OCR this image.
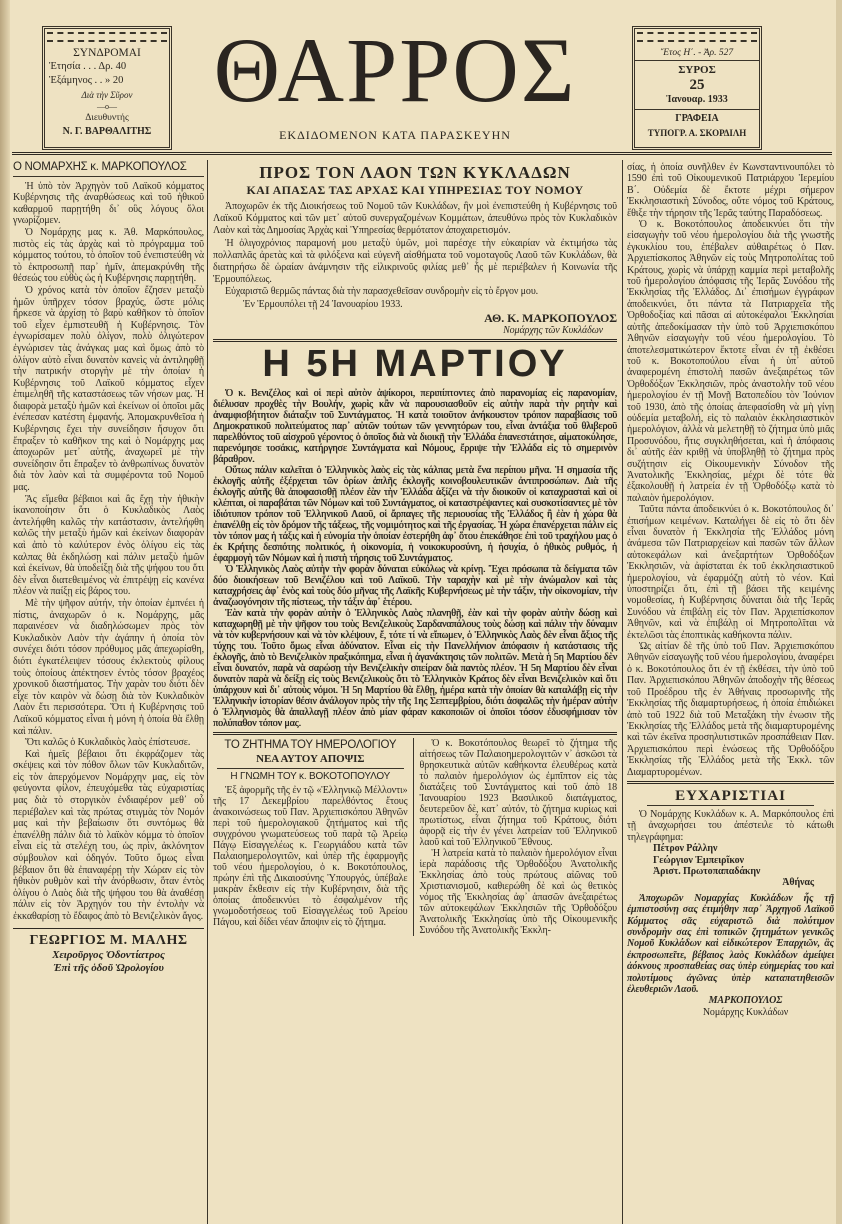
ΣΥΝΔΡΟΜΑΙ
Ἐτησία . . . Δρ. 40
Ἑξάμηνος . . » 20
Διὰ τὴν Σῦρον
—o—
Διευθυντής
Ν. Γ. ΒΑΡΘΑΛΙΤΗΣ
ΘΑΡΡΟΣ
ΕΚΔΙΔΟΜΕΝΟΝ ΚΑΤΑ ΠΑΡΑΣΚΕΥΗΝ
Ἔτος Η΄. - Ἀρ. 527
ΣΥΡΟΣ
25
Ἰανουαρ. 1933
ΓΡΑΦΕΙΑ
ΤΥΠΟΓΡ. Α. ΣΚΟΡΔΙΛΗ
Ο ΝΟΜΑΡΧΗΣ κ. ΜΑΡΚΟΠΟΥΛΟΣ

Ἡ ὑπὸ τὸν Ἀρχηγὸν τοῦ Λαϊκοῦ κόμματος Κυβέρνησις τῆς ἀναρθώσεως καὶ τοῦ ἠθικοῦ καθαρμοῦ παρῃτήθη δι᾽ οὓς λόγους ὅλοι γνωρίζομεν.

Ὁ Νομάρχης μας κ. Ἀθ. Μαρκόπουλος, πιστὸς εἰς τὰς ἀρχὰς καὶ τὸ πρόγραμμα τοῦ κόμματος τούτου, τὸ ὁποῖον τοῦ ἐνεπιστεύθη νὰ τὸ ἐκπροσωπῇ παρ᾽ ἡμῖν, ἀπεμακρύνθη τῆς θέσεώς του εὐθὺς ὡς ἡ Κυβέρνησις παρῃτήθη.

Ὁ χρόνος κατὰ τὸν ὁποῖον ἔζησεν μεταξὺ ἡμῶν ὑπῆρχεν τόσον βραχύς, ὥστε μόλις ἤρκεσε νὰ ἀρχίσῃ τὸ βαρὺ καθῆκον τὸ ὁποῖον τοῦ εἶχεν ἐμπιστευθῆ ἡ Κυβέρνησις. Τὸν ἐγνωρίσαμεν πολὺ ὀλίγον, πολὺ ὀλιγώτερον ἐγνώρισεν τὰς ἀνάγκας μας καὶ ὅμως ἀπὸ τὸ ὀλίγον αὐτὸ εἶναι δυνατὸν κανεὶς νὰ ἀντιληφθῇ τὴν πατρικήν στοργὴν μὲ τὴν ὁποίαν ἡ Κυβέρνησις τοῦ Λαϊκοῦ κόμματος εἶχεν ἐπιμεληθῆ τῆς καταστάσεως τῶν νήσων μας. Ἡ διαφορὰ μεταξὺ ἡμῶν καὶ ἐκείνων οἱ ὁποῖοι μᾶς ἐνέπεσαν κατέστη ἐμφανής. Ἀπομακρυνθεῖσα ἡ Κυβέρνησις ἔχει τὴν συνείδησιν ἥσυχον ὅτι ἔπραξεν τὸ καθῆκον της καὶ ὁ Νομάρχης μας ἀποχωρῶν μετ᾽ αὐτῆς, ἀναχωρεῖ μὲ τὴν συνείδησιν ὅτι ἔπραξεν τὸ ἀνθρωπίνως δυνατὸν διὰ τὸν λαὸν καὶ τὰ συμφέροντα τοῦ Νομοῦ μας.

Ἂς εἴμεθα βέβαιοι καὶ ἂς ἔχῃ τὴν ἠθικὴν ἱκανοποίησιν ὅτι ὁ Κυκλαδικὸς Λαὸς ἀντελήφθη καλῶς τὴν κατάστασιν, ἀντελήφθη καλῶς τὴν μεταξὺ ἡμῶν καὶ ἐκείνων διαφορὰν καὶ ἀπὸ τὸ καλύτερον ἐνὸς ὀλίγου εἰς τὰς καλπας θὰ ἐκδηλώσῃ καὶ πάλιν μεταξὺ ἡμῶν καὶ ἐκείνων, θὰ ὑποδείξῃ διὰ τῆς ψήφου του ὅτι δὲν εἶναι διατεθειμένος νὰ ἐπιτρέψῃ εἰς κανένα πλέον νὰ παίξῃ εἰς βάρος του.

Μὲ τὴν ψῆφον αὐτήν, τὴν ὁποίαν ἐμπνέει ἡ πίστις, ἀναχωρῶν ὁ κ. Νομάρχης, μᾶς παραινέσεν νὰ διαδηλώσωμεν πρὸς τὸν Κυκλαδικὸν Λαὸν τὴν ἀγάπην ἡ ὁποία τὸν συνέχει διότι τόσον πρόθυμος μᾶς ἀπεχωρίσθη, διότι ἐγκατέλειψεν τόσους ἐκλεκτοὺς φίλους τοὺς ὁποίους ἀπέκτησεν ἐντὸς τόσον βραχέος χρονικοῦ διαστήματος. Τὴν χαρὰν του διότι δὲν εἶχε τὸν καιρὸν νὰ δώσῃ διὰ τὸν Κυκλαδικὸν Λαὸν ἔτι περισσότερα. Ὅτι ἡ Κυβέρνησις τοῦ Λαϊκοῦ κόμματος εἶναι ἡ μόνη ἡ ὁποία θὰ ἔλθῃ καὶ πάλιν.

Ὅτι καλῶς ὁ Κυκλαδικὸς λαὸς ἐπίστευσε.

Καὶ ἡμεῖς βέβαιοι ὅτι ἐκφράζομεν τὰς σκέψεις καὶ τὸν πόθον ὅλων τῶν Κυκλαδιτῶν, εἰς τὸν ἀπερχόμενον Νομάρχην μας, εἰς τὸν φεύγοντα φίλον, ἐπευχόμεθα τὰς εὐχαριστίας μας διὰ τὸ στοργικὸν ἐνδιαφέρον μεθ᾽ οὗ περιέβαλεν καὶ τὰς πρώτας στιγμὰς τὸν Νομόν μας καὶ τὴν βεβαίωσιν ὅτι συντόμως θὰ ἐπανέλθῃ πάλιν διὰ τὸ λαϊκὸν κόμμα τὸ ὁποῖον εἶναι εἰς τὰ στελέχη του, ὡς πρὶν, ἀκλόνητον σύμβουλον καὶ ὁδηγόν. Τοῦτο ὅμως εἶναι βέβαιον ὅτι θὰ ἐπαναφέρῃ τὴν Χώραν εἰς τὸν ἠθικὸν ρυθμὸν καὶ τὴν ἀνόρθωσιν, ὅταν ἐντὸς ὀλίγου ὁ Λαὸς διὰ τῆς ψήφου του θὰ ἀναθέσῃ πάλιν εἰς τὸν Ἀρχηγόν του τὴν ἐντολὴν νὰ ἐκκαθαρίσῃ τὸ ἔδαφος ἀπὸ τὸ Βενιζελικὸν ἄγος.

ΓΕΩΡΓΙΟΣ Μ. ΜΑΛΗΣ
Χειροῦργος Ὀδοντίατρος
Ἐπὶ τῆς ὁδοῦ Ὡρολογίου
ΠΡΟΣ ΤΟΝ ΛΑΟΝ ΤΩΝ ΚΥΚΛΑΔΩΝ
ΚΑΙ ΑΠΑΣΑΣ ΤΑΣ ΑΡΧΑΣ ΚΑΙ ΥΠΗΡΕΣΙΑΣ ΤΟΥ ΝΟΜΟΥ

Ἀποχωρῶν ἐκ τῆς Διοικήσεως τοῦ Νομοῦ τῶν Κυκλάδων, ἣν μοὶ ἐνεπιστεύθη ἡ Κυβέρνησις τοῦ Λαϊκοῦ Κόμματος καὶ τῶν μετ᾽ αὐτοῦ συνεργαζομένων Κομμάτων, ἀπευθύνω πρὸς τὸν Κυκλαδικὸν Λαὸν καὶ τὰς Δημοσίας Ἀρχὰς καὶ Ὑπηρεσίας θερμότατον ἀποχαιρετισμόν.

Ἡ ὀλιγοχρόνιος παραμονή μου μεταξὺ ὑμῶν, μοὶ παρέσχε τὴν εὐκαιρίαν νὰ ἐκτιμήσω τὰς πολλαπλᾶς ἀρετὰς καὶ τὰ φιλόξενα καὶ εὐγενῆ αἰσθήματα τοῦ νομοταγοῦς Λαοῦ τῶν Κυκλάδων, θὰ διατηρήσω δὲ ὡραίαν ἀνάμνησιν τῆς εἰλικρινοῦς φιλίας μεθ᾽ ἧς μὲ περιέβαλεν ἡ Κοινωνία τῆς Ἑρμουπόλεως.

Εὐχαριστῶ θερμῶς πάντας διὰ τὴν παρασχεθεῖσαν συνδρομὴν εἰς τὸ ἔργον μου.

Ἐν Ἑρμουπόλει τῇ 24 Ἰανουαρίου 1933.
ΑΘ. Κ. ΜΑΡΚΟΠΟΥΛΟΣ
Νομάρχης τῶν Κυκλάδων
Η 5Η ΜΑΡΤΙΟΥ

Ὁ κ. Βενιζέλος καὶ οἱ περὶ αὐτὸν ἀψίκοροι, περιπίπτοντες ἀπὸ παρανομίας εἰς παρανομίαν, διέλυσαν προχθὲς τὴν Βουλήν, χωρὶς κἂν νὰ παρουσιασθοῦν εἰς αὐτὴν παρὰ τὴν ρητὴν καὶ ἀναμφισβήτητον διάταξιν τοῦ Συντάγματος. Ἡ κατὰ τοιοῦτον ἀνήκουστον τρόπον παραβίασις τοῦ Δημοκρατικοῦ πολιτεύματος παρ᾽ αὐτῶν τούτων τῶν γεννητόρων του, εἶναι ἀντάξια τοῦ θλιβεροῦ παρελθόντος τοῦ αἰσχροῦ γέροντος ὁ ὁποῖος διὰ νὰ διοικῇ τὴν Ἑλλάδα ἐπανεστάτησε, αἱματοκύλησε, παρενόμησε τοσάκις, κατήργησε Συντάγματα καὶ Νόμους, ἔρριψε τὴν Ἑλλάδα εἰς τὸ σημερινὸν βάραθρον.

Οὕτως πάλιν καλεῖται ὁ Ἑλληνικὸς λαὸς εἰς τὰς κάλπας μετὰ ἕνα περίπου μῆνα. Ἡ σημασία τῆς ἐκλογῆς αὐτῆς ἐξέρχεται τῶν ὁρίων ἁπλῆς ἐκλογῆς κοινοβουλευτικῶν ἀντιπροσώπων. Διὰ τῆς ἐκλογῆς αὐτῆς θὰ ἀποφασισθῇ πλέον ἐὰν τὴν Ἑλλάδα ἀξίζει νὰ τὴν διοικοῦν οἱ καταχρασταὶ καὶ οἱ κλέπται, οἱ παραβάται τῶν Νόμων καὶ τοῦ Συντάγματος, οἱ καταστρέψαντες καὶ συσκοτίσαντες μὲ τὸν ἰδιότυπον τρόπον τοῦ Ἑλληνικοῦ Λαοῦ, οἱ ἄρπαγες τῆς περιουσίας τῆς Ἑλλάδος ἢ ἐὰν ἡ χώρα θὰ ἐπανέλθῃ εἰς τὸν δρόμον τῆς τάξεως, τῆς νομιμότητος καὶ τῆς ἐργασίας. Ἡ χώρα ἐπανέρχεται πάλιν εἰς τὸν τόπον μας ἡ τάξις καὶ ἡ εὐνομία τὴν ὁποίαν ἐστερήθη ἀφ᾽ ὅτου ἐπεκάθησε ἐπὶ τοῦ τραχήλου μας ὁ ἐκ Κρήτης δεσπότης πολιτικός, ἡ οἰκονομία, ἡ νοικοκυροσύνη, ἡ ἡσυχία, ὁ ἠθικὸς ρυθμός, ἡ ἐφαρμογὴ τῶν Νόμων καὶ ἡ πιστὴ τήρησις τοῦ Συντάγματος.

Ὁ Ἑλληνικὸς Λαὸς αὐτὴν τὴν φορὰν δύναται εὐκόλως νὰ κρίνῃ. Ἔχει πρόσωπα τὰ δείγματα τῶν δύο διοικήσεων τοῦ Βενιζέλου καὶ τοῦ Λαϊκοῦ. Τὴν ταραχὴν καὶ μὲ τὴν ἀνώμαλον καὶ τὰς καταχρήσεις ἀφ᾽ ἑνὸς καὶ τοὺς δύο μῆνας τῆς Λαϊκῆς Κυβερνήσεως μὲ τὴν τάξιν, τὴν οἰκονομίαν, τὴν ἀναζωογόνησιν τῆς πίστεως, τὴν τάξιν ἀφ᾽ ἑτέρου.

Ἐὰν κατὰ τὴν φορὰν αὐτὴν ὁ Ἑλληνικὸς Λαὸς πλανηθῇ, ἐὰν καὶ τὴν φορὰν αὐτὴν δώσῃ καὶ καταχωρηθῇ μὲ τὴν ψῆφον του τοὺς Βενιζελικοὺς Σαρδαναπάλους τοὺς δώσῃ καὶ πάλιν τὴν δύναμιν νὰ τὸν κυβερνήσουν καὶ νὰ τὸν κλέψουν, ἔ, τότε τί νὰ εἴπωμεν, ὁ Ἑλληνικὸς Λαὸς δὲν εἶναι ἄξιος τῆς τύχης του. Τοῦτο ὅμως εἶναι ἀδύνατον. Εἶναι εἰς τὴν Πανελλήνιον ἀπόφασιν ἡ κατάστασις τῆς ἐκλογῆς, ἀπὸ τὸ Βενιζελικὸν πραξικόπημα, εἶναι ἡ ἀγανάκτησις τῶν πολιτῶν. Μετὰ ἡ 5η Μαρτίου δὲν εἶναι δυνατόν, παρὰ νὰ σαρώσῃ τὴν Βενιζελικὴν σπείραν διὰ παντὸς πλέον. Ἡ 5η Μαρτίου δὲν εἶναι δυνατὸν παρὰ νὰ δείξῃ εἰς τοὺς Βενιζελικοὺς ὅτι τὸ Ἑλληνικὸν Κράτος δὲν εἶναι Βενιζελικὸν καὶ ὅτι ὑπάρχουν καὶ δι᾽ αὐτοὺς νόμοι. Ἡ 5η Μαρτίου θὰ ἔλθῃ, ἡμέρα κατὰ τὴν ὁποίαν θὰ καταλάβῃ εἰς τὴν Ἑλληνικὴν ἱστορίαν θέσιν ἀνάλογον πρὸς τὴν τῆς 1ης Σεπτεμβρίου, διότι ἀσφαλῶς τὴν ἡμέραν αὐτὴν ὁ Ἑλληνισμὸς θὰ ἀπαλλαγῇ πλέον ἀπὸ μίαν φάραν κακοποιῶν οἱ ὁποῖοι τόσον ἐδυσφήμισαν τὸν πολύπαθον τόπον μας.

ΤΟ ΖΗΤΗΜΑ ΤΟΥ ΗΜΕΡΟΛΟΓΙΟΥ
ΝΕΑ ΑΥΤΟΥ ΑΠΟΨΙΣ
Η ΓΝΩΜΗ ΤΟΥ κ. ΒΟΚΟΤΟΠΟΥΛΟΥ

Ἐξ ἀφορμῆς τῆς ἐν τῷ «Ἑλληνικῷ Μέλλοντι» τῆς 17 Δεκεμβρίου παρελθόντος ἔτους ἀνακοινώσεως τοῦ Παν. Ἀρχιεπισκόπου Ἀθηνῶν περὶ τοῦ ἡμερολογιακοῦ ζητήματος καὶ τῆς συγχρόνου γνωματεύσεως τοῦ παρὰ τῷ Ἀρείῳ Πάγῳ Εἰσαγγελέως κ. Γεωργιάδου κατὰ τῶν Παλαιοημερολογιτῶν, καὶ ὑπὲρ τῆς ἐφαρμογῆς τοῦ νέου ἡμερολογίου, ὁ κ. Βοκοτόπουλος, πρώην ἐπὶ τῆς Δικαιοσύνης Ὑπουργός, ὑπέβαλε μακρὰν ἔκθεσιν εἰς τὴν Κυβέρνησιν, διὰ τῆς ὁποίας ἀποδεικνύει τὸ ἐσφαλμένον τῆς γνωμοδοτήσεως τοῦ Εἰσαγγελέως τοῦ Ἀρείου Πάγου, καὶ δίδει νέαν ἄποψιν εἰς τὸ ζήτημα.

Ὁ κ. Βοκοτόπουλος θεωρεῖ τὸ ζήτημα τῆς αἰτήσεως τῶν Παλαιοημερολογιτῶν ν᾽ ἀσκῶσι τὰ θρησκευτικὰ αὐτῶν καθήκοντα ἐλευθέρως κατὰ τὸ παλαιὸν ἡμερολόγιον ὡς ἐμπῖπτον εἰς τὰς διατάξεις τοῦ Συντάγματος καὶ τοῦ ἀπὸ 18 Ἰανουαρίου 1923 Βασιλικοῦ διατάγματος, δευτερεῦον δὲ, κατ᾽ αὐτόν, τὸ ζήτημα κυρίως καὶ πρωτίστως, εἶναι ζήτημα τοῦ Κράτους, διότι ἀφορᾷ εἰς τὴν ἐν γένει λατρείαν τοῦ Ἑλληνικοῦ λαοῦ καὶ τοῦ Ἑλληνικοῦ Ἔθνους.

Ἡ λατρεία κατὰ τὸ παλαιὸν ἡμερολόγιον εἶναι ἱερὰ παράδοσις τῆς Ὀρθοδόξου Ἀνατολικῆς Ἐκκλησίας ἀπὸ τοὺς πρώτους αἰῶνας τοῦ Χριστιανισμοῦ, καθιερώθη δὲ καὶ ὡς θετικὸς νόμος τῆς Ἐκκλησίας ἀφ᾽ ἁπασῶν ἀνεξαιρέτως τῶν αὐτοκεφάλων Ἐκκλησιῶν τῆς Ὀρθοδόξου Ἀνατολικῆς Ἐκκλησίας ὑπὸ τῆς Οἰκουμενικῆς Συνόδου τῆς Ἀνατολικῆς Ἐκκλη-

σίας, ἡ ὁποία συνῆλθεν ἐν Κωνσταντινουπόλει τὸ 1590 ἐπὶ τοῦ Οἰκουμενικοῦ Πατριάρχου Ἱερεμίου Β΄. Οὐδεμία δὲ ἔκτοτε μέχρι σήμερον Ἐκκλησιαστικὴ Σύνοδος, οὔτε νόμος τοῦ Κράτους, ἔθιξε τὴν τήρησιν τῆς Ἱερᾶς ταύτης Παραδόσεως.

Ὁ κ. Βοκοτόπουλος ἀποδεικνύει ὅτι τὴν εἰσαγωγὴν τοῦ νέου ἡμερολογίου διὰ τῆς γνωστῆς ἐγκυκλίου του, ἐπέβαλεν αὐθαιρέτως ὁ Παν. Ἀρχιεπίσκοπος Ἀθηνῶν εἰς τοὺς Μητροπολίτας τοῦ Κράτους, χωρὶς νὰ ὑπάρχῃ καμμία περὶ μεταβολῆς τοῦ ἡμερολογίου ἀπόφασις τῆς Ἱερᾶς Συνόδου τῆς Ἐκκλησίας τῆς Ἑλλάδος. Δι᾽ ἐπισήμων ἐγγράφων ἀποδεικνύει, ὅτι πάντα τὰ Πατριαρχεῖα τῆς Ὀρθοδοξίας καὶ πᾶσαι αἱ αὐτοκέφαλοι Ἐκκλησίαι αὐτῆς ἀπεδοκίμασαν τὴν ὑπὸ τοῦ Ἀρχιεπισκόπου Ἀθηνῶν εἰσαγωγὴν τοῦ νέου ἡμερολογίου. Τὸ ἀποτελεσματικώτερον ἔκτοτε εἶναι ἐν τῇ ἐκθέσει τοῦ κ. Βοκοτοπούλου εἶναι ἡ ὑπ᾽ αὐτοῦ ἀναφερομένη ἐπιστολὴ πασῶν ἀνεξαιρέτως τῶν Ὀρθοδόξων Ἐκκλησιῶν, πρὸς ἀναστολὴν τοῦ νέου ἡμερολογίου ἐν τῇ Μονῇ Βατοπεδίου τὸν Ἰούνιον τοῦ 1930, ἀπὸ τῆς ὁποίας ἀπεφασίσθη νὰ μὴ γίνῃ οὐδεμία μεταβολή, εἰς τὸ παλαιὸν ἐκκλησιαστικὸν ἡμερολόγιον, ἀλλὰ νὰ μελετηθῇ τὸ ζήτημα ὑπὸ μιᾶς Προσυνόδου, ἥτις συγκληθήσεται, καὶ ἡ ἀπόφασις δι᾽ αὐτῆς ἐὰν κριθῇ νὰ ὑποβληθῇ τὸ ζήτημα πρὸς συζήτησιν εἰς Οἰκουμενικὴν Σύνοδον τῆς Ἀνατολικῆς Ἐκκλησίας, μέχρι δὲ τότε θὰ ἐξακολουθῇ ἡ λατρεία ἐν τῇ Ὀρθοδόξῳ κατὰ τὸ παλαιὸν ἡμερολόγιον.

Ταῦτα πάντα ἀποδεικνύει ὁ κ. Βοκοτόπουλος δι᾽ ἐπισήμων κειμένων. Καταλήγει δὲ εἰς τὸ ὅτι δὲν εἶναι δυνατὸν ἡ Ἐκκλησία τῆς Ἑλλάδος μόνη ἀνάμεσα τῶν Πατριαρχείων καὶ πασῶν τῶν ἄλλων αὐτοκεφάλων καὶ ἀνεξαρτήτων Ὀρθοδόξων Ἐκκλησιῶν, νὰ ἀφίσταται ἐκ τοῦ ἐκκλησιαστικοῦ ἡμερολογίου, νὰ ἐφαρμόζῃ αὐτὴ τὸ νέον. Καὶ ὑποστηρίζει ὅτι, ἐπὶ τῇ βάσει τῆς κειμένης νομοθεσίας, ἡ Κυβέρνησις δύναται διὰ τῆς Ἱερᾶς Συνόδου νὰ ἐπιβάλῃ εἰς τὸν Παν. Ἀρχιεπίσκοπον Ἀθηνῶν, καὶ νὰ ἐπιβάλῃ οἱ Μητροπολῖται νὰ ἐκτελῶσι τὰς ἐποπτικὰς καθήκοντα πάλιν.

Ὡς αἰτίαν δὲ τῆς ὑπὸ τοῦ Παν. Ἀρχιεπισκόπου Ἀθηνῶν εἰσαγωγῆς τοῦ νέου ἡμερολογίου, ἀναφέρει ὁ κ. Βοκοτόπουλος ὅτι ἐν τῇ ἐκθέσει, τὴν ὑπὸ τοῦ Παν. Ἀρχιεπισκόπου Ἀθηνῶν ἀποδοχὴν τῆς θέσεως τοῦ Προέδρου τῆς ἐν Ἀθήναις προσωρινῆς τῆς Ἐκκλησίας τῆς διαμαρτυρήσεως, ἡ ὁποία ἐπιδιώκει ἀπὸ τοῦ 1922 διὰ τοῦ Μεταξάκη τὴν ἐνωσιν τῆς Ἐκκλησίας τῆς Ἑλλάδος μετὰ τῆς διαμαρτυρομένης καὶ τῶν ἐκεῖνα προσηλυτιστικῶν προσπάθειαν Παν. Ἀρχιεπισκόπου περὶ ἑνώσεως τῆς Ὀρθοδόξου Ἐκκλησίας τῆς Ἑλλάδος μετὰ τῆς Ἐκκλ. τῶν Διαμαρτυρομένων.

ΕΥΧΑΡΙΣΤΙΑΙ

Ὁ Νομάρχης Κυκλάδων κ. Α. Μαρκόπουλος ἐπὶ τῇ ἀναχωρήσει του ἀπέστειλε τὸ κάτωθι τηλεγράφημα:

Πέτρον Ράλλην

Γεώργιον Ἐμπειρῖκον

Ἀριστ. Πρωτοπαπαδάκην

Ἀθήνας

Ἀποχωρῶν Νομαρχίας Κυκλάδων ἧς τῇ ἐμπιστοσύνῃ σας ἐτιμήθην παρ᾽ Ἀρχηγοῦ Λαϊκοῦ Κόμματος σᾶς εὐχαριστῶ διὰ πολύτιμον συνδρομὴν σας ἐπὶ τοπικῶν ζητημάτων γενικῶς Νομοῦ Κυκλάδων καὶ εἰδικώτερον Ἐπαρχιῶν, ἃς ἐκπροσωπεῖτε, βέβαιος λαὸς Κυκλάδων ἀμείψει ἀόκνους προσπαθείας σας ὑπὲρ εὐημερίας του καὶ πολυτίμους ἀγῶνας ὑπὲρ καταπατηθεισῶν ἐλευθεριῶν Λαοῦ.

ΜΑΡΚΟΠΟΥΛΟΣ
Νομάρχης Κυκλάδων
